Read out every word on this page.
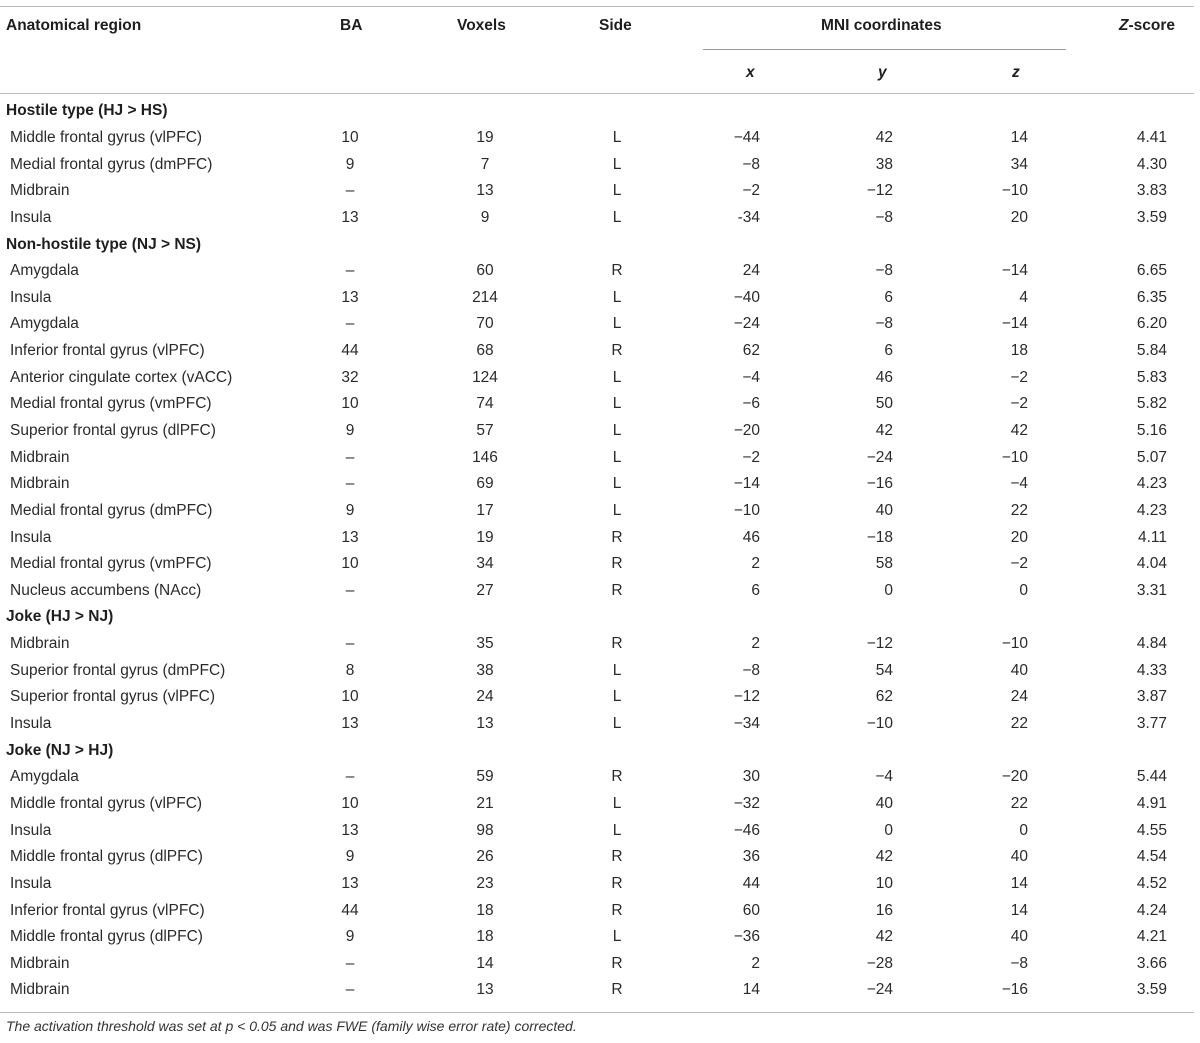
Anatomical region	BA	Voxels	Side	MNI coordinates	Z-score
x	y	z
Hostile type (HJ > HS)							
Middle frontal gyrus (vlPFC)	10	19	L	−44	42	14	4.41
Medial frontal gyrus (dmPFC)	9	7	L	−8	38	34	4.30
Midbrain	–	13	L	−2	−12	−10	3.83
Insula	13	9	L	-34	−8	20	3.59
Non-hostile type (NJ > NS)							
Amygdala	–	60	R	24	−8	−14	6.65
Insula	13	214	L	−40	6	4	6.35
Amygdala	–	70	L	−24	−8	−14	6.20
Inferior frontal gyrus (vlPFC)	44	68	R	62	6	18	5.84
Anterior cingulate cortex (vACC)	32	124	L	−4	46	−2	5.83
Medial frontal gyrus (vmPFC)	10	74	L	−6	50	−2	5.82
Superior frontal gyrus (dlPFC)	9	57	L	−20	42	42	5.16
Midbrain	–	146	L	−2	−24	−10	5.07
Midbrain	–	69	L	−14	−16	−4	4.23
Medial frontal gyrus (dmPFC)	9	17	L	−10	40	22	4.23
Insula	13	19	R	46	−18	20	4.11
Medial frontal gyrus (vmPFC)	10	34	R	2	58	−2	4.04
Nucleus accumbens (NAcc)	–	27	R	6	0	0	3.31
Joke (HJ > NJ)							
Midbrain	–	35	R	2	−12	−10	4.84
Superior frontal gyrus (dmPFC)	8	38	L	−8	54	40	4.33
Superior frontal gyrus (vlPFC)	10	24	L	−12	62	24	3.87
Insula	13	13	L	−34	−10	22	3.77
Joke (NJ > HJ)							
Amygdala	–	59	R	30	−4	−20	5.44
Middle frontal gyrus (vlPFC)	10	21	L	−32	40	22	4.91
Insula	13	98	L	−46	0	0	4.55
Middle frontal gyrus (dlPFC)	9	26	R	36	42	40	4.54
Insula	13	23	R	44	10	14	4.52
Inferior frontal gyrus (vlPFC)	44	18	R	60	16	14	4.24
Middle frontal gyrus (dlPFC)	9	18	L	−36	42	40	4.21
Midbrain	–	14	R	2	−28	−8	3.66
Midbrain	–	13	R	14	−24	−16	3.59
The activation threshold was set at p < 0.05 and was FWE (family wise error rate) corrected.
